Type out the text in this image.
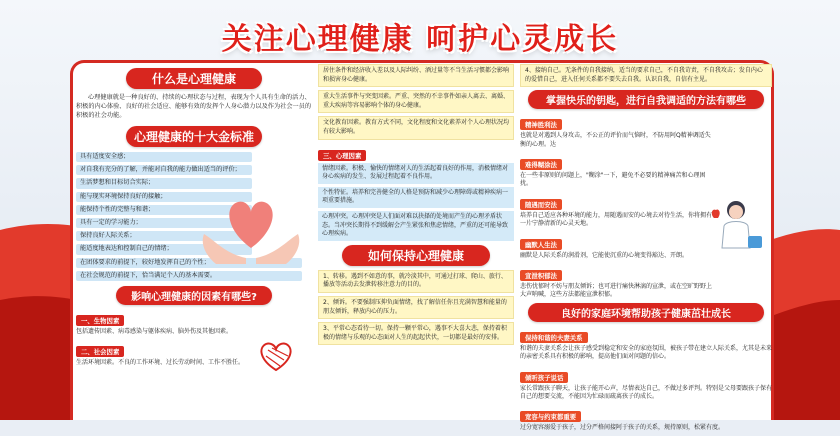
关注心理健康 呵护心灵成长
什么是心理健康
心理健康就是一种良好的、持续的心理状态与过程，表现为个人具有生命的活力、积极的内心体验、良好的社会适应、能够有效的发挥个人身心潜力以及作为社会一员的积极的社会功能。
心理健康的十大金标准
具有适度安全感；
对自我有充分的了解，并能对自我的能力做出适当的评价；
生活梦想和目标切合实际；
能与现实环境保持良好的接触；
能保持个性的完整与和谐；
具有一定的学习能力；
保持良好人际关系；
能适度地表达和控制自己的情绪；
在团体要求的前提下，较好地发挥自己的个性；
在社会规范的前提下，恰当满足个人的基本需要。
影响心理健康的因素有哪些?
一、生物因素
包括遗传因素、病毒感染与躯体疾病、脑外伤及其他因素。
二、社会因素
生活环境因素。不良的工作环境、过长劳动时间、工作不胜任。
居住条件和经济收入差以及人际纠纷、酒过量等不当生活习惯都会影响和损害身心健康。
重大生活事件与突变因素。严重、突然的不幸事件如亲人离去、离婚、重大疾病等容易影响个体的身心健康。
文化教育因素。教育方式不同，文化程度和文化素养对个人心理状况均有较大影响。
三、心理因素
情绪因素。积极、愉快的情绪对人的生活起着良好的作用，消极情绪对身心疾病的发生、发展过程起着不良作用。
个性特征。培养和完善健全的人格是预防和减少心理障碍或精神疾病一项重要措施。
心理冲突。心理冲突是人们面对难以抉择的处境而产生的心理矛盾状态。当冲突长期得不到缓解会产生紧张和焦虑情绪，严重的还可能导致心理疾病。
如何保持心理健康
1、转移。遇到不如意的事，就冷淡其中，可通过打球、爬山、旅行、播放等活动去发泄转移注意力的目的。
2、倾诉。不要强制压抑负面情绪，找了解信任你且充满智慧和能量的朋友倾诉，释放内心的压力。
3、平常心态看待一切。保持一颗平常心，遇事不大喜大悲，保持着积极的情绪与乐观的心态面对人生的起起伏伏，一切都是最好的安排。
4、接纳自己。无条件的自我接纳，适当的要求自己，不自我苛责，不自我攻击；发自内心的爱惜自己，进入任何关系都不要失去自我。认识自我，自信有主见。
掌握快乐的钥匙，进行自我调适的方法有哪些
精神胜利法
也就是对遇到人身攻击，不公正的评价而气恼时，不防用阿Q精神调适失衡的心理。达
难得糊涂法
在一些非原则的问题上，"糊涂"一下，避免不必要的精神痛苦和心理困扰。
随遇而安法
培养自己适应各种环境的能力，用随遇而安的心境去对待生活，你将拥有一片宁静清新的心灵天地。
幽默人生法
幽默是人际关系的润滑剂，它能使沉重的心境变得豁达、开朗。
宣泄积郁法
悲伤忧郁时不妨与朋友倾诉；也可进行痛快淋漓的宣泄，或在空旷野野上大声呐喊，这些方法都能宣泄积郁。
良好的家庭环境帮助孩子健康茁壮成长
保持和谐的夫妻关系
和谐的夫妻关系会让孩子感受到稳定和安全的家庭氛围，被孩子带在建立人际关系，尤其是未来的亲密关系具有积极的影响，提高他们面对问题的信心。
倾听孩子说话
家长常跟孩子聊天，让孩子能开心声，尽情表达自己，不做过多评判。特别是父母要跟孩子保有自己的想要交流，不能因为忙碌而疏离孩子的成长。
宽容与约束都重要
过分宽容溺爱于孩子，过分严格间接阿于孩子的关系，规持原则，松紧有度。
